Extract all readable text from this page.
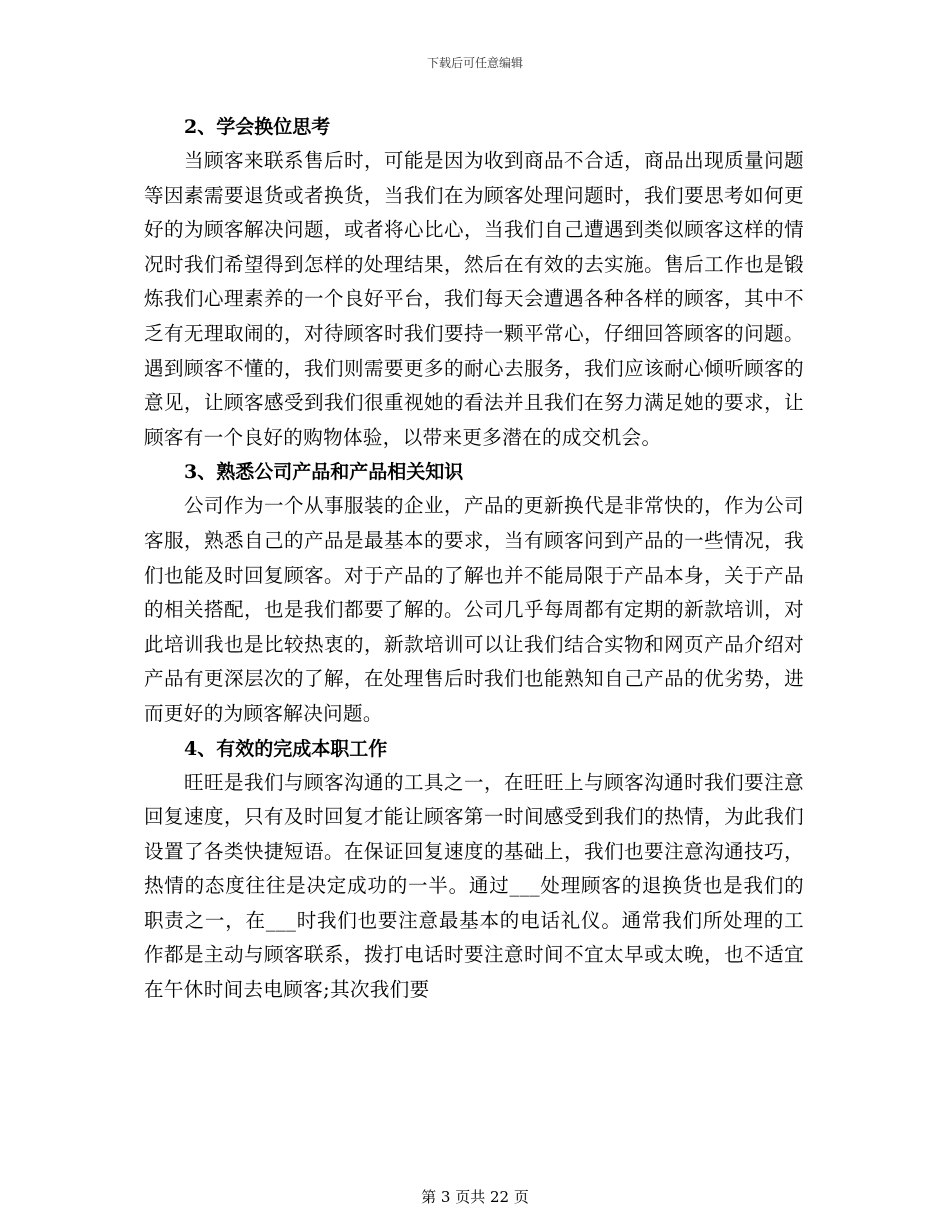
下载后可任意编辑

2、学会换位思考

当顾客来联系售后时，可能是因为收到商品不合适，商品出现质量问题等因素需要退货或者换货，当我们在为顾客处理问题时，我们要思考如何更好的为顾客解决问题，或者将心比心，当我们自己遭遇到类似顾客这样的情况时我们希望得到怎样的处理结果，然后在有效的去实施。售后工作也是锻炼我们心理素养的一个良好平台，我们每天会遭遇各种各样的顾客，其中不乏有无理取闹的，对待顾客时我们要持一颗平常心，仔细回答顾客的问题。遇到顾客不懂的，我们则需要更多的耐心去服务，我们应该耐心倾听顾客的意见，让顾客感受到我们很重视她的看法并且我们在努力满足她的要求，让顾客有一个良好的购物体验，以带来更多潜在的成交机会。

3、熟悉公司产品和产品相关知识

公司作为一个从事服装的企业，产品的更新换代是非常快的，作为公司客服，熟悉自己的产品是最基本的要求，当有顾客问到产品的一些情况，我们也能及时回复顾客。对于产品的了解也并不能局限于产品本身，关于产品的相关搭配，也是我们都要了解的。公司几乎每周都有定期的新款培训，对此培训我也是比较热衷的，新款培训可以让我们结合实物和网页产品介绍对产品有更深层次的了解，在处理售后时我们也能熟知自己产品的优劣势，进而更好的为顾客解决问题。

4、有效的完成本职工作

旺旺是我们与顾客沟通的工具之一，在旺旺上与顾客沟通时我们要注意回复速度，只有及时回复才能让顾客第一时间感受到我们的热情，为此我们设置了各类快捷短语。在保证回复速度的基础上，我们也要注意沟通技巧，热情的态度往往是决定成功的一半。通过___处理顾客的退换货也是我们的职责之一，在___时我们也要注意最基本的电话礼仪。通常我们所处理的工作都是主动与顾客联系，拨打电话时要注意时间不宜太早或太晚，也不适宜在午休时间去电顾客;其次我们要

第 3 页共 22 页
